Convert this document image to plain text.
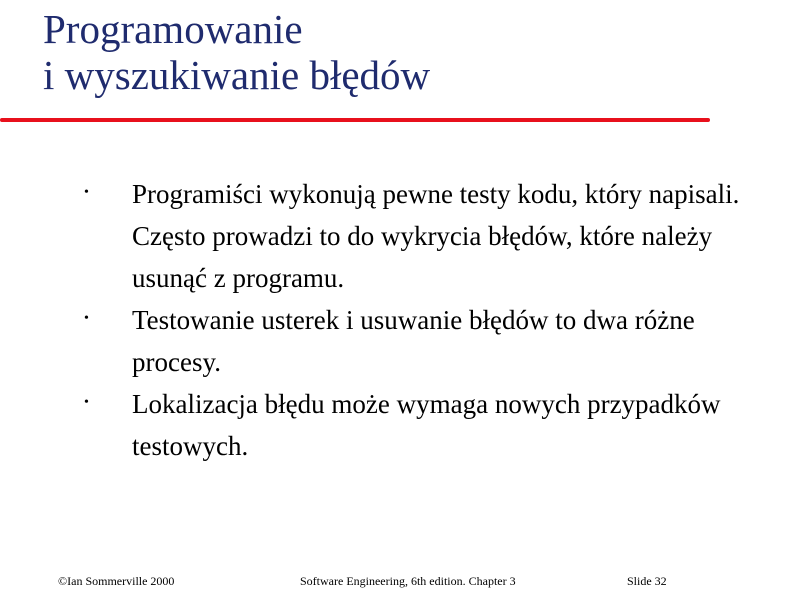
Programowanie
i wyszukiwanie błędów
• Programiści wykonują pewne testy kodu, który napisali. Często prowadzi to do wykrycia błędów, które należy usunąć z programu.
• Testowanie usterek i usuwanie błędów to dwa różne procesy.
• Lokalizacja błędu może wymaga nowych przypadków testowych.
©Ian Sommerville 2000	Software Engineering, 6th edition. Chapter 3	Slide 32
